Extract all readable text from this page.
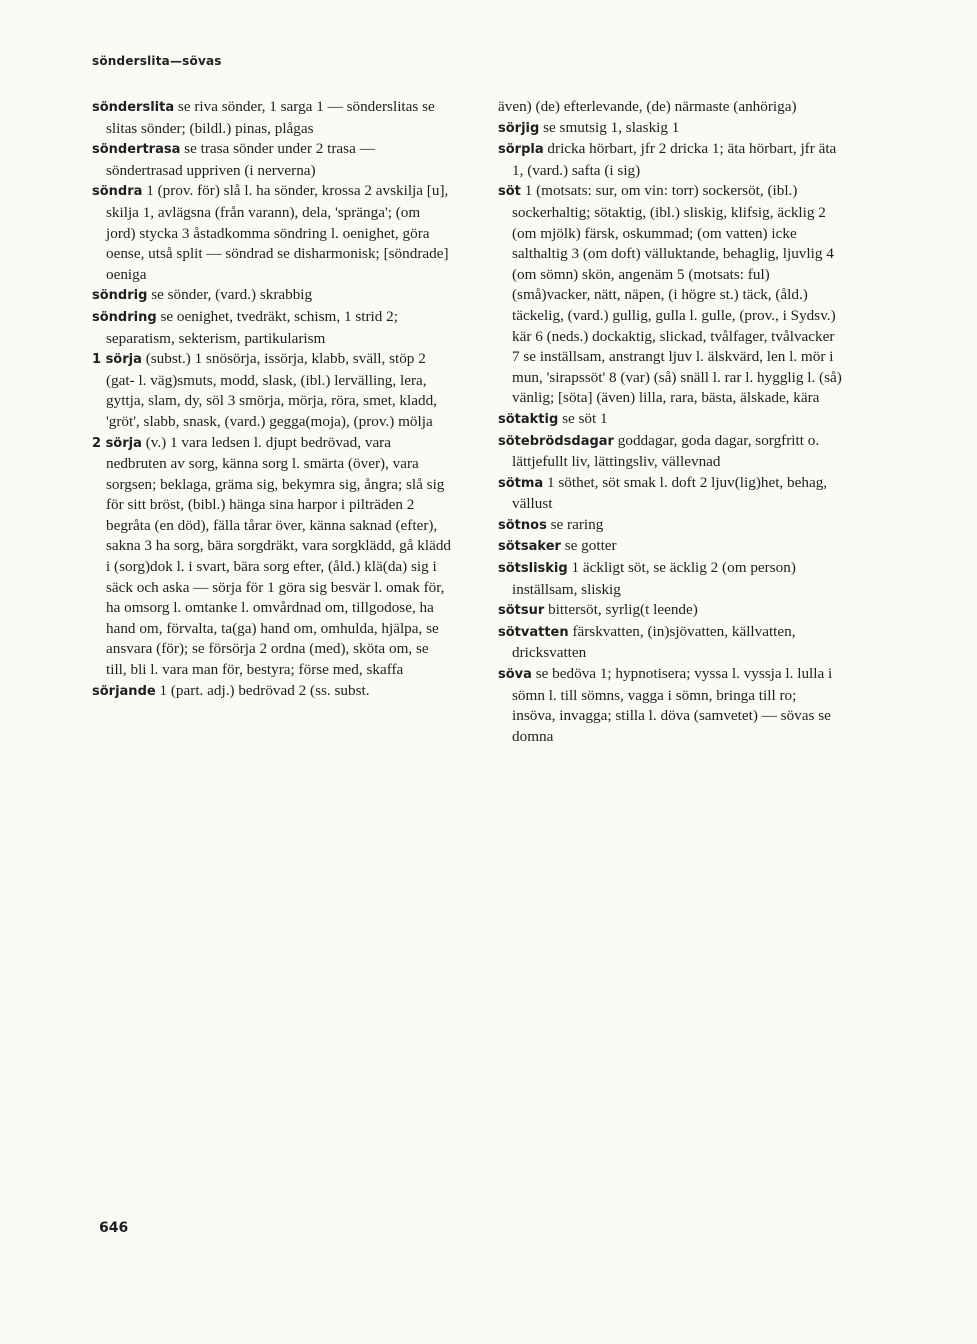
sönderslita—sövas

sönderslita se riva sönder, 1 sarga 1 — sönderslitas se slitas sönder; (bildl.) pinas, plågas

söndertrasa se trasa sönder under 2 trasa — söndertrasad uppriven (i nerverna)

söndra 1 (prov. för) slå l. ha sönder, krossa 2 avskilja [u], skilja 1, avlägsna (från varann), dela, 'spränga'; (om jord) stycka 3 åstadkomma söndring l. oenighet, göra oense, utså split — söndrad se disharmonisk; [söndrade] oeniga

söndrig se sönder, (vard.) skrabbig

söndring se oenighet, tvedräkt, schism, 1 strid 2; separatism, sekterism, partikularism

1 sörja (subst.) 1 snösörja, issörja, klabb, sväll, stöp 2 (gat- l. väg)smuts, modd, slask, (ibl.) lervälling, lera, gyttja, slam, dy, söl 3 smörja, mörja, röra, smet, kladd, 'gröt', slabb, snask, (vard.) gegga(moja), (prov.) mölja

2 sörja (v.) 1 vara ledsen l. djupt bedrövad, vara nedbruten av sorg, känna sorg l. smärta (över), vara sorgsen; beklaga, gräma sig, bekymra sig, ångra; slå sig för sitt bröst, (bibl.) hänga sina harpor i pilträden 2 begråta (en död), fälla tårar över, känna saknad (efter), sakna 3 ha sorg, bära sorgdräkt, vara sorgklädd, gå klädd i (sorg)dok l. i svart, bära sorg efter, (åld.) klä(da) sig i säck och aska — sörja för 1 göra sig besvär l. omak för, ha omsorg l. omtanke l. omvårdnad om, tillgodose, ha hand om, förvalta, ta(ga) hand om, omhulda, hjälpa, se ansvara (för); se försörja 2 ordna (med), sköta om, se till, bli l. vara man för, bestyra; förse med, skaffa

sörjande 1 (part. adj.) bedrövad 2 (ss. subst.

även) (de) efterlevande, (de) närmaste (anhöriga)

sörjig se smutsig 1, slaskig 1

sörpla dricka hörbart, jfr 2 dricka 1; äta hörbart, jfr äta 1, (vard.) safta (i sig)

söt 1 (motsats: sur, om vin: torr) sockersöt, (ibl.) sockerhaltig; sötaktig, (ibl.) sliskig, klifsig, äcklig 2 (om mjölk) färsk, oskummad; (om vatten) icke salthaltig 3 (om doft) välluktande, behaglig, ljuvlig 4 (om sömn) skön, angenäm 5 (motsats: ful) (små)vacker, nätt, näpen, (i högre st.) täck, (åld.) täckelig, (vard.) gullig, gulla l. gulle, (prov., i Sydsv.) kär 6 (neds.) dockaktig, slickad, tvålfager, tvålvacker 7 se inställsam, anstrangt ljuv l. älskvärd, len l. mör i mun, 'sirapssöt' 8 (var) (så) snäll l. rar l. hygglig l. (så) vänlig; [söta] (även) lilla, rara, bästa, älskade, kära

sötaktig se söt 1

sötebrödsdagar goddagar, goda dagar, sorgfritt o. lättjefullt liv, lättingsliv, vällevnad

sötma 1 söthet, söt smak l. doft 2 ljuv(lig)het, behag, vällust

sötnos se raring

sötsaker se gotter

sötsliskig 1 äckligt söt, se äcklig 2 (om person) inställsam, sliskig

sötsur bittersöt, syrlig(t leende)

sötvatten färskvatten, (in)sjövatten, källvatten, dricksvatten

söva se bedöva 1; hypnotisera; vyssa l. vyssja l. lulla i sömn l. till sömns, vagga i sömn, bringa till ro; insöva, invagga; stilla l. döva (samvetet) — sövas se domna

646
